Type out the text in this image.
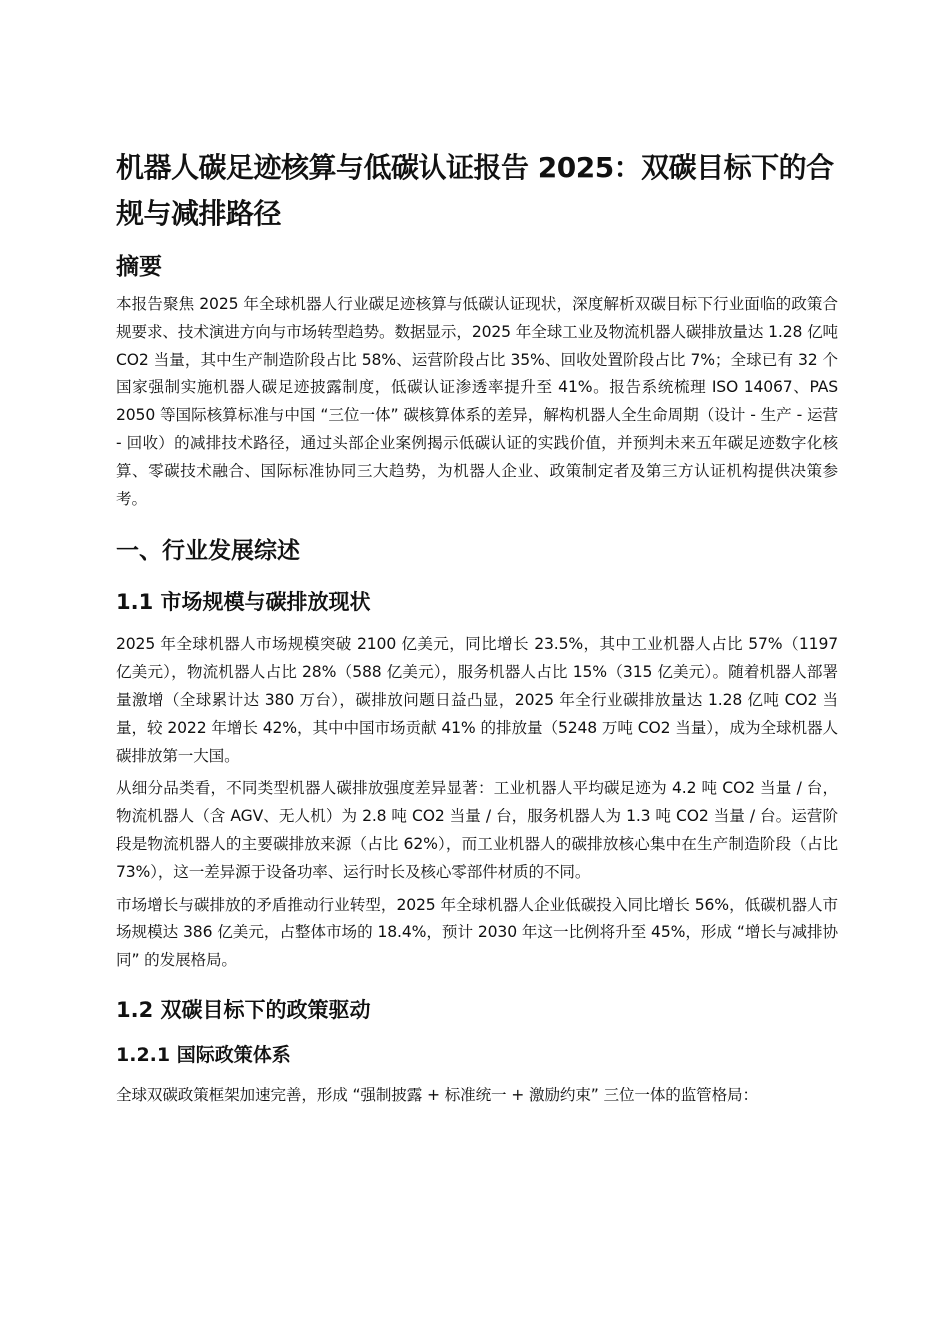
机器人碳足迹核算与低碳认证报告 2025：双碳目标下的合规与减排路径
摘要

本报告聚焦 2025 年全球机器人行业碳足迹核算与低碳认证现状，深度解析双碳目标下行业面临的政策合规要求、技术演进方向与市场转型趋势。数据显示，2025 年全球工业及物流机器人碳排放量达 1.28 亿吨 CO2 当量，其中生产制造阶段占比 58%、运营阶段占比 35%、回收处置阶段占比 7%；全球已有 32 个国家强制实施机器人碳足迹披露制度，低碳认证渗透率提升至 41%。报告系统梳理 ISO 14067、PAS 2050 等国际核算标准与中国 “三位一体” 碳核算体系的差异，解构机器人全生命周期（设计 - 生产 - 运营 - 回收）的减排技术路径，通过头部企业案例揭示低碳认证的实践价值，并预判未来五年碳足迹数字化核算、零碳技术融合、国际标准协同三大趋势，为机器人企业、政策制定者及第三方认证机构提供决策参考。

一、行业发展综述
1.1 市场规模与碳排放现状

2025 年全球机器人市场规模突破 2100 亿美元，同比增长 23.5%，其中工业机器人占比 57%（1197 亿美元），物流机器人占比 28%（588 亿美元），服务机器人占比 15%（315 亿美元）。随着机器人部署量激增（全球累计达 380 万台），碳排放问题日益凸显，2025 年全行业碳排放量达 1.28 亿吨 CO2 当量，较 2022 年增长 42%，其中中国市场贡献 41% 的排放量（5248 万吨 CO2 当量），成为全球机器人碳排放第一大国。

从细分品类看，不同类型机器人碳排放强度差异显著：工业机器人平均碳足迹为 4.2 吨 CO2 当量 / 台，物流机器人（含 AGV、无人机）为 2.8 吨 CO2 当量 / 台，服务机器人为 1.3 吨 CO2 当量 / 台。运营阶段是物流机器人的主要碳排放来源（占比 62%），而工业机器人的碳排放核心集中在生产制造阶段（占比 73%），这一差异源于设备功率、运行时长及核心零部件材质的不同。

市场增长与碳排放的矛盾推动行业转型，2025 年全球机器人企业低碳投入同比增长 56%，低碳机器人市场规模达 386 亿美元，占整体市场的 18.4%，预计 2030 年这一比例将升至 45%，形成 “增长与减排协同” 的发展格局。

1.2 双碳目标下的政策驱动
1.2.1 国际政策体系

全球双碳政策框架加速完善，形成 “强制披露 + 标准统一 + 激励约束” 三位一体的监管格局：
